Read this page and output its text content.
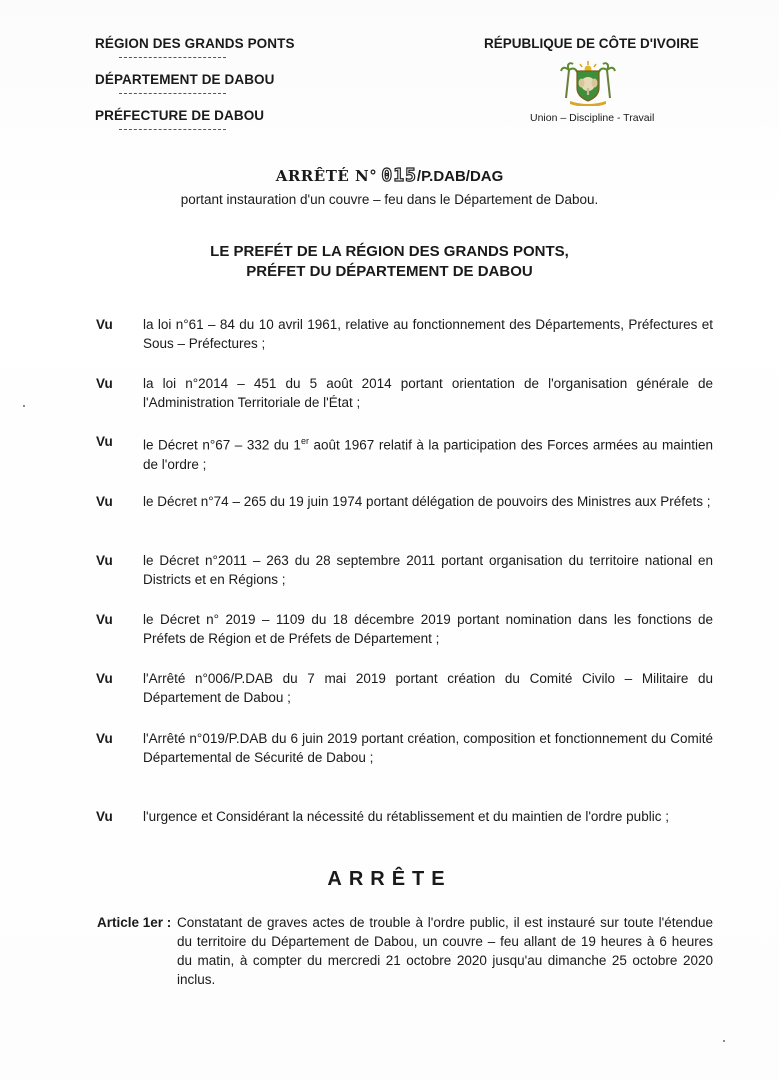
RÉGION DES GRANDS PONTS
DÉPARTEMENT DE DABOU
PRÉFECTURE DE DABOU
RÉPUBLIQUE DE CÔTE D'IVOIRE
Union – Discipline - Travail
ARRÊTÉ N° 015/P.DAB/DAG
portant instauration d'un couvre – feu dans le Département de Dabou.
LE PREFÉT DE LA RÉGION DES GRANDS PONTS,
PRÉFET DU DÉPARTEMENT DE DABOU
Vu	la loi n°61 – 84 du 10 avril 1961, relative au fonctionnement des Départements, Préfectures et Sous – Préfectures ;
Vu	la loi n°2014 – 451 du 5 août 2014 portant orientation de l'organisation générale de l'Administration Territoriale de l'État ;
Vu	le Décret n°67 – 332 du 1er août 1967 relatif à la participation des Forces armées au maintien de l'ordre ;
Vu	le Décret n°74 – 265 du 19 juin 1974 portant délégation de pouvoirs des Ministres aux Préfets ;
Vu	le Décret n°2011 – 263 du 28 septembre 2011 portant organisation du territoire national en Districts et en Régions ;
Vu	le Décret n° 2019 – 1109 du 18 décembre 2019 portant nomination dans les fonctions de Préfets de Région et de Préfets de Département ;
Vu	l'Arrêté n°006/P.DAB du 7 mai 2019 portant création du Comité Civilo – Militaire du Département de Dabou ;
Vu	l'Arrêté n°019/P.DAB du 6 juin 2019 portant création, composition et fonctionnement du Comité Départemental de Sécurité de Dabou ;
Vu	l'urgence et Considérant la nécessité du rétablissement et du maintien de l'ordre public ;
ARRÊTE
Article 1er : Constatant de graves actes de trouble à l'ordre public, il est instauré sur toute l'étendue du territoire du Département de Dabou, un couvre – feu allant de 19 heures à 6 heures du matin, à compter du mercredi 21 octobre 2020 jusqu'au dimanche 25 octobre 2020 inclus.
